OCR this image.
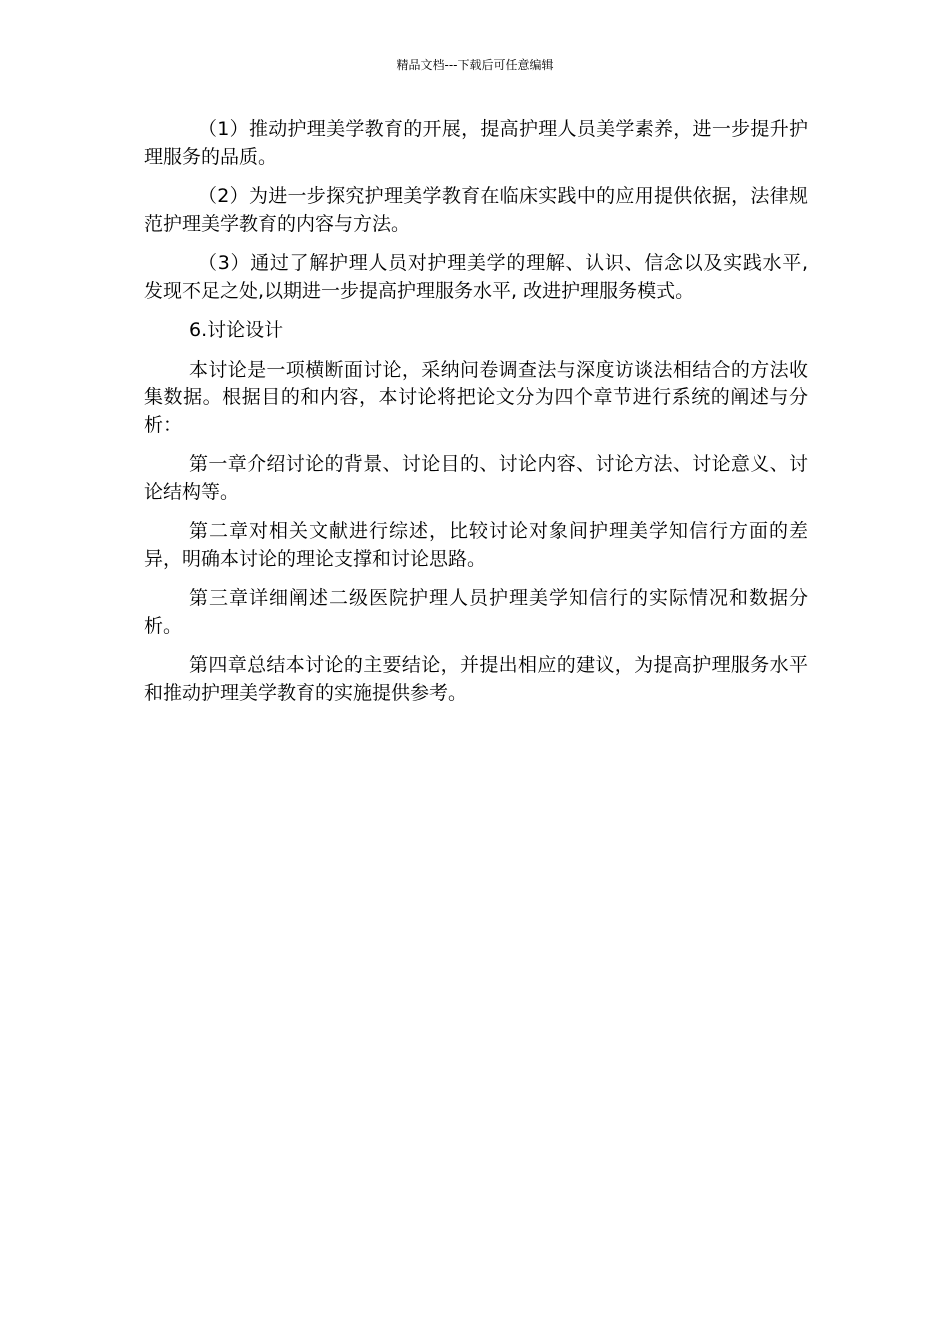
精品文档---下载后可任意编辑

（1）推动护理美学教育的开展，提高护理人员美学素养，进一步提升护理服务的品质。

（2）为进一步探究护理美学教育在临床实践中的应用提供依据，法律规范护理美学教育的内容与方法。

（3）通过了解护理人员对护理美学的理解、认识、信念以及实践水平, 发现不足之处,以期进一步提高护理服务水平, 改进护理服务模式。

6.讨论设计

本讨论是一项横断面讨论，采纳问卷调查法与深度访谈法相结合的方法收集数据。根据目的和内容，本讨论将把论文分为四个章节进行系统的阐述与分析：

第一章介绍讨论的背景、讨论目的、讨论内容、讨论方法、讨论意义、讨论结构等。

第二章对相关文献进行综述，比较讨论对象间护理美学知信行方面的差异，明确本讨论的理论支撑和讨论思路。

第三章详细阐述二级医院护理人员护理美学知信行的实际情况和数据分析。

第四章总结本讨论的主要结论，并提出相应的建议，为提高护理服务水平和推动护理美学教育的实施提供参考。
